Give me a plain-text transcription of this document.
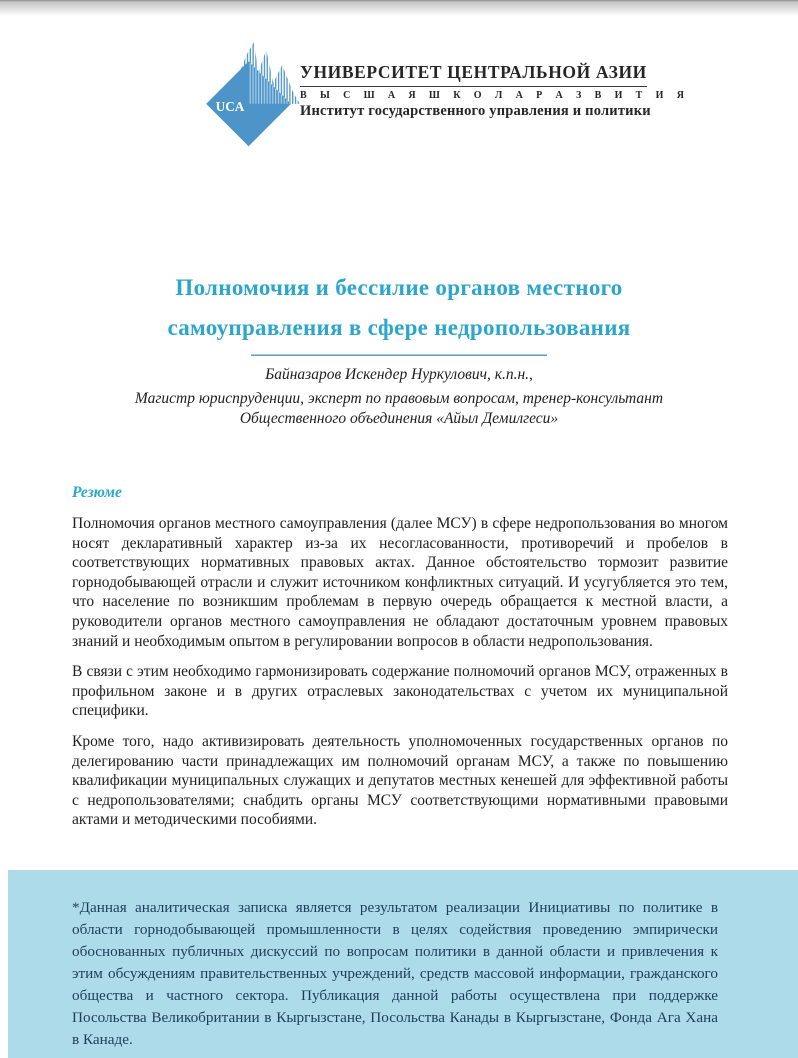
UCA
УНИВЕРСИТЕТ ЦЕНТРАЛЬНОЙ АЗИИ
В Ы С Ш А Я Ш К О Л А Р А З В И Т И Я
Институт государственного управления и политики
Полномочия и бессилие органов местного
самоуправления в сфере недропользования
Байназаров Искендер Нуркулович, к.п.н.,
Магистр юриспруденции, эксперт по правовым вопросам, тренер-консультант
Общественного объединения «Айыл Демилгеси»
Резюме

Полномочия органов местного самоуправления (далее МСУ) в сфере недропользования во многом носят декларативный характер из-за их несогласованности, противоречий и пробелов в соответствующих нормативных правовых актах. Данное обстоятельство тормозит развитие горнодобывающей отрасли и служит источником конфликтных ситуаций. И усугубляется это тем, что население по возникшим проблемам в первую очередь обращается к местной власти, а руководители органов местного самоуправления не обладают достаточным уровнем правовых знаний и необходимым опытом в регулировании вопросов в области недропользования.

В связи с этим необходимо гармонизировать содержание полномочий органов МСУ, отраженных в профильном законе и в других отраслевых законодательствах с учетом их муниципальной специфики.

Кроме того, надо активизировать деятельность уполномоченных государственных органов по делегированию части принадлежащих им полномочий органам МСУ, а также по повышению квалификации муниципальных служащих и депутатов местных кенешей для эффективной работы с недропользователями; снабдить органы МСУ соответствующими нормативными правовыми актами и методическими пособиями.

*Данная аналитическая записка является результатом реализации Инициативы по политике в области горнодобывающей промышленности в целях содействия проведению эмпирически обоснованных публичных дискуссий по вопросам политики в данной области и привлечения к этим обсуждениям правительственных учреждений, средств массовой информации, гражданского общества и частного сектора. Публикация данной работы осуществлена при поддержке Посольства Великобритании в Кыргызстане, Посольства Канады в Кыргызстане, Фонда Ага Хана в Канаде.
